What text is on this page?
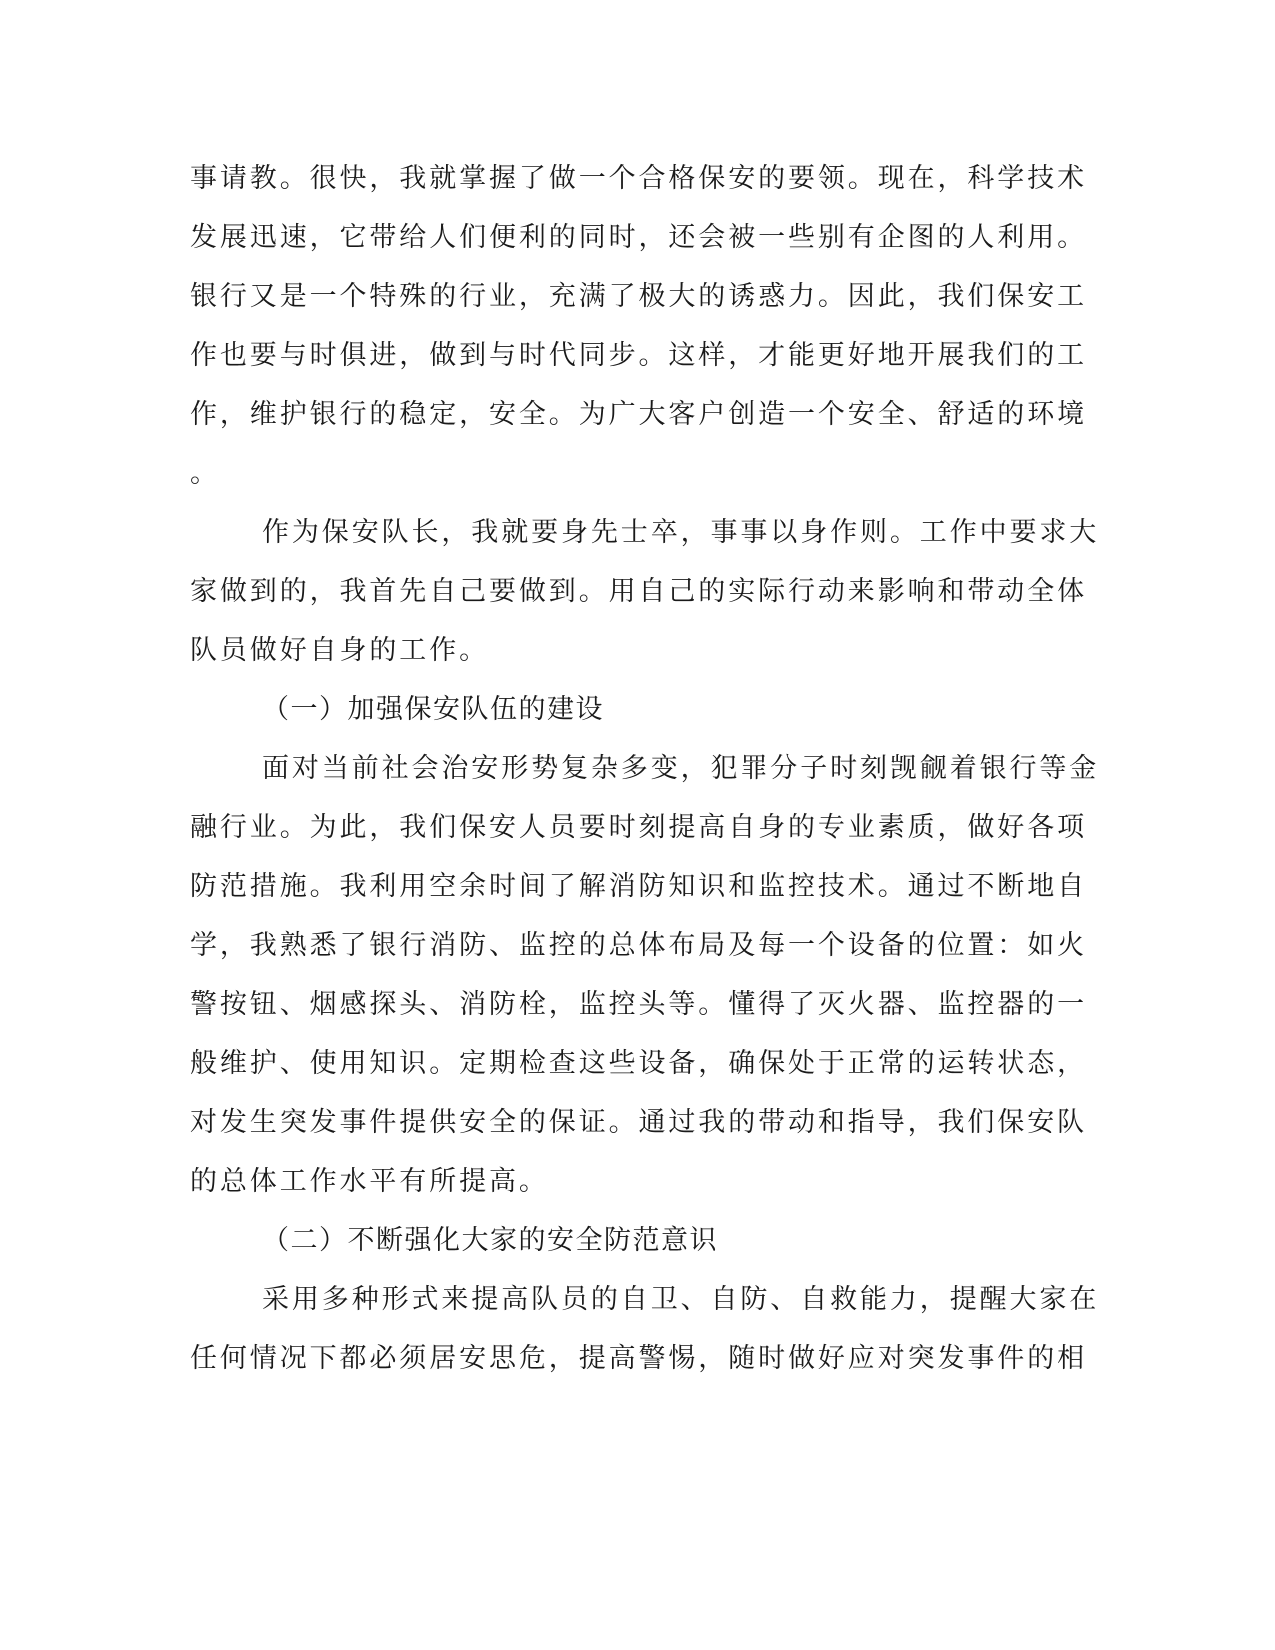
事请教。很快，我就掌握了做一个合格保安的要领。现在，科学技术
发展迅速，它带给人们便利的同时，还会被一些别有企图的人利用。
银行又是一个特殊的行业，充满了极大的诱惑力。因此，我们保安工
作也要与时俱进，做到与时代同步。这样，才能更好地开展我们的工
作，维护银行的稳定，安全。为广大客户创造一个安全、舒适的环境
。
作为保安队长，我就要身先士卒，事事以身作则。工作中要求大
家做到的，我首先自己要做到。用自己的实际行动来影响和带动全体
队员做好自身的工作。
（一）加强保安队伍的建设
面对当前社会治安形势复杂多变，犯罪分子时刻觊觎着银行等金
融行业。为此，我们保安人员要时刻提高自身的专业素质，做好各项
防范措施。我利用空余时间了解消防知识和监控技术。通过不断地自
学，我熟悉了银行消防、监控的总体布局及每一个设备的位置：如火
警按钮、烟感探头、消防栓，监控头等。懂得了灭火器、监控器的一
般维护、使用知识。定期检查这些设备，确保处于正常的运转状态，
对发生突发事件提供安全的保证。通过我的带动和指导，我们保安队
的总体工作水平有所提高。
（二）不断强化大家的安全防范意识
采用多种形式来提高队员的自卫、自防、自救能力，提醒大家在
任何情况下都必须居安思危，提高警惕，随时做好应对突发事件的相
